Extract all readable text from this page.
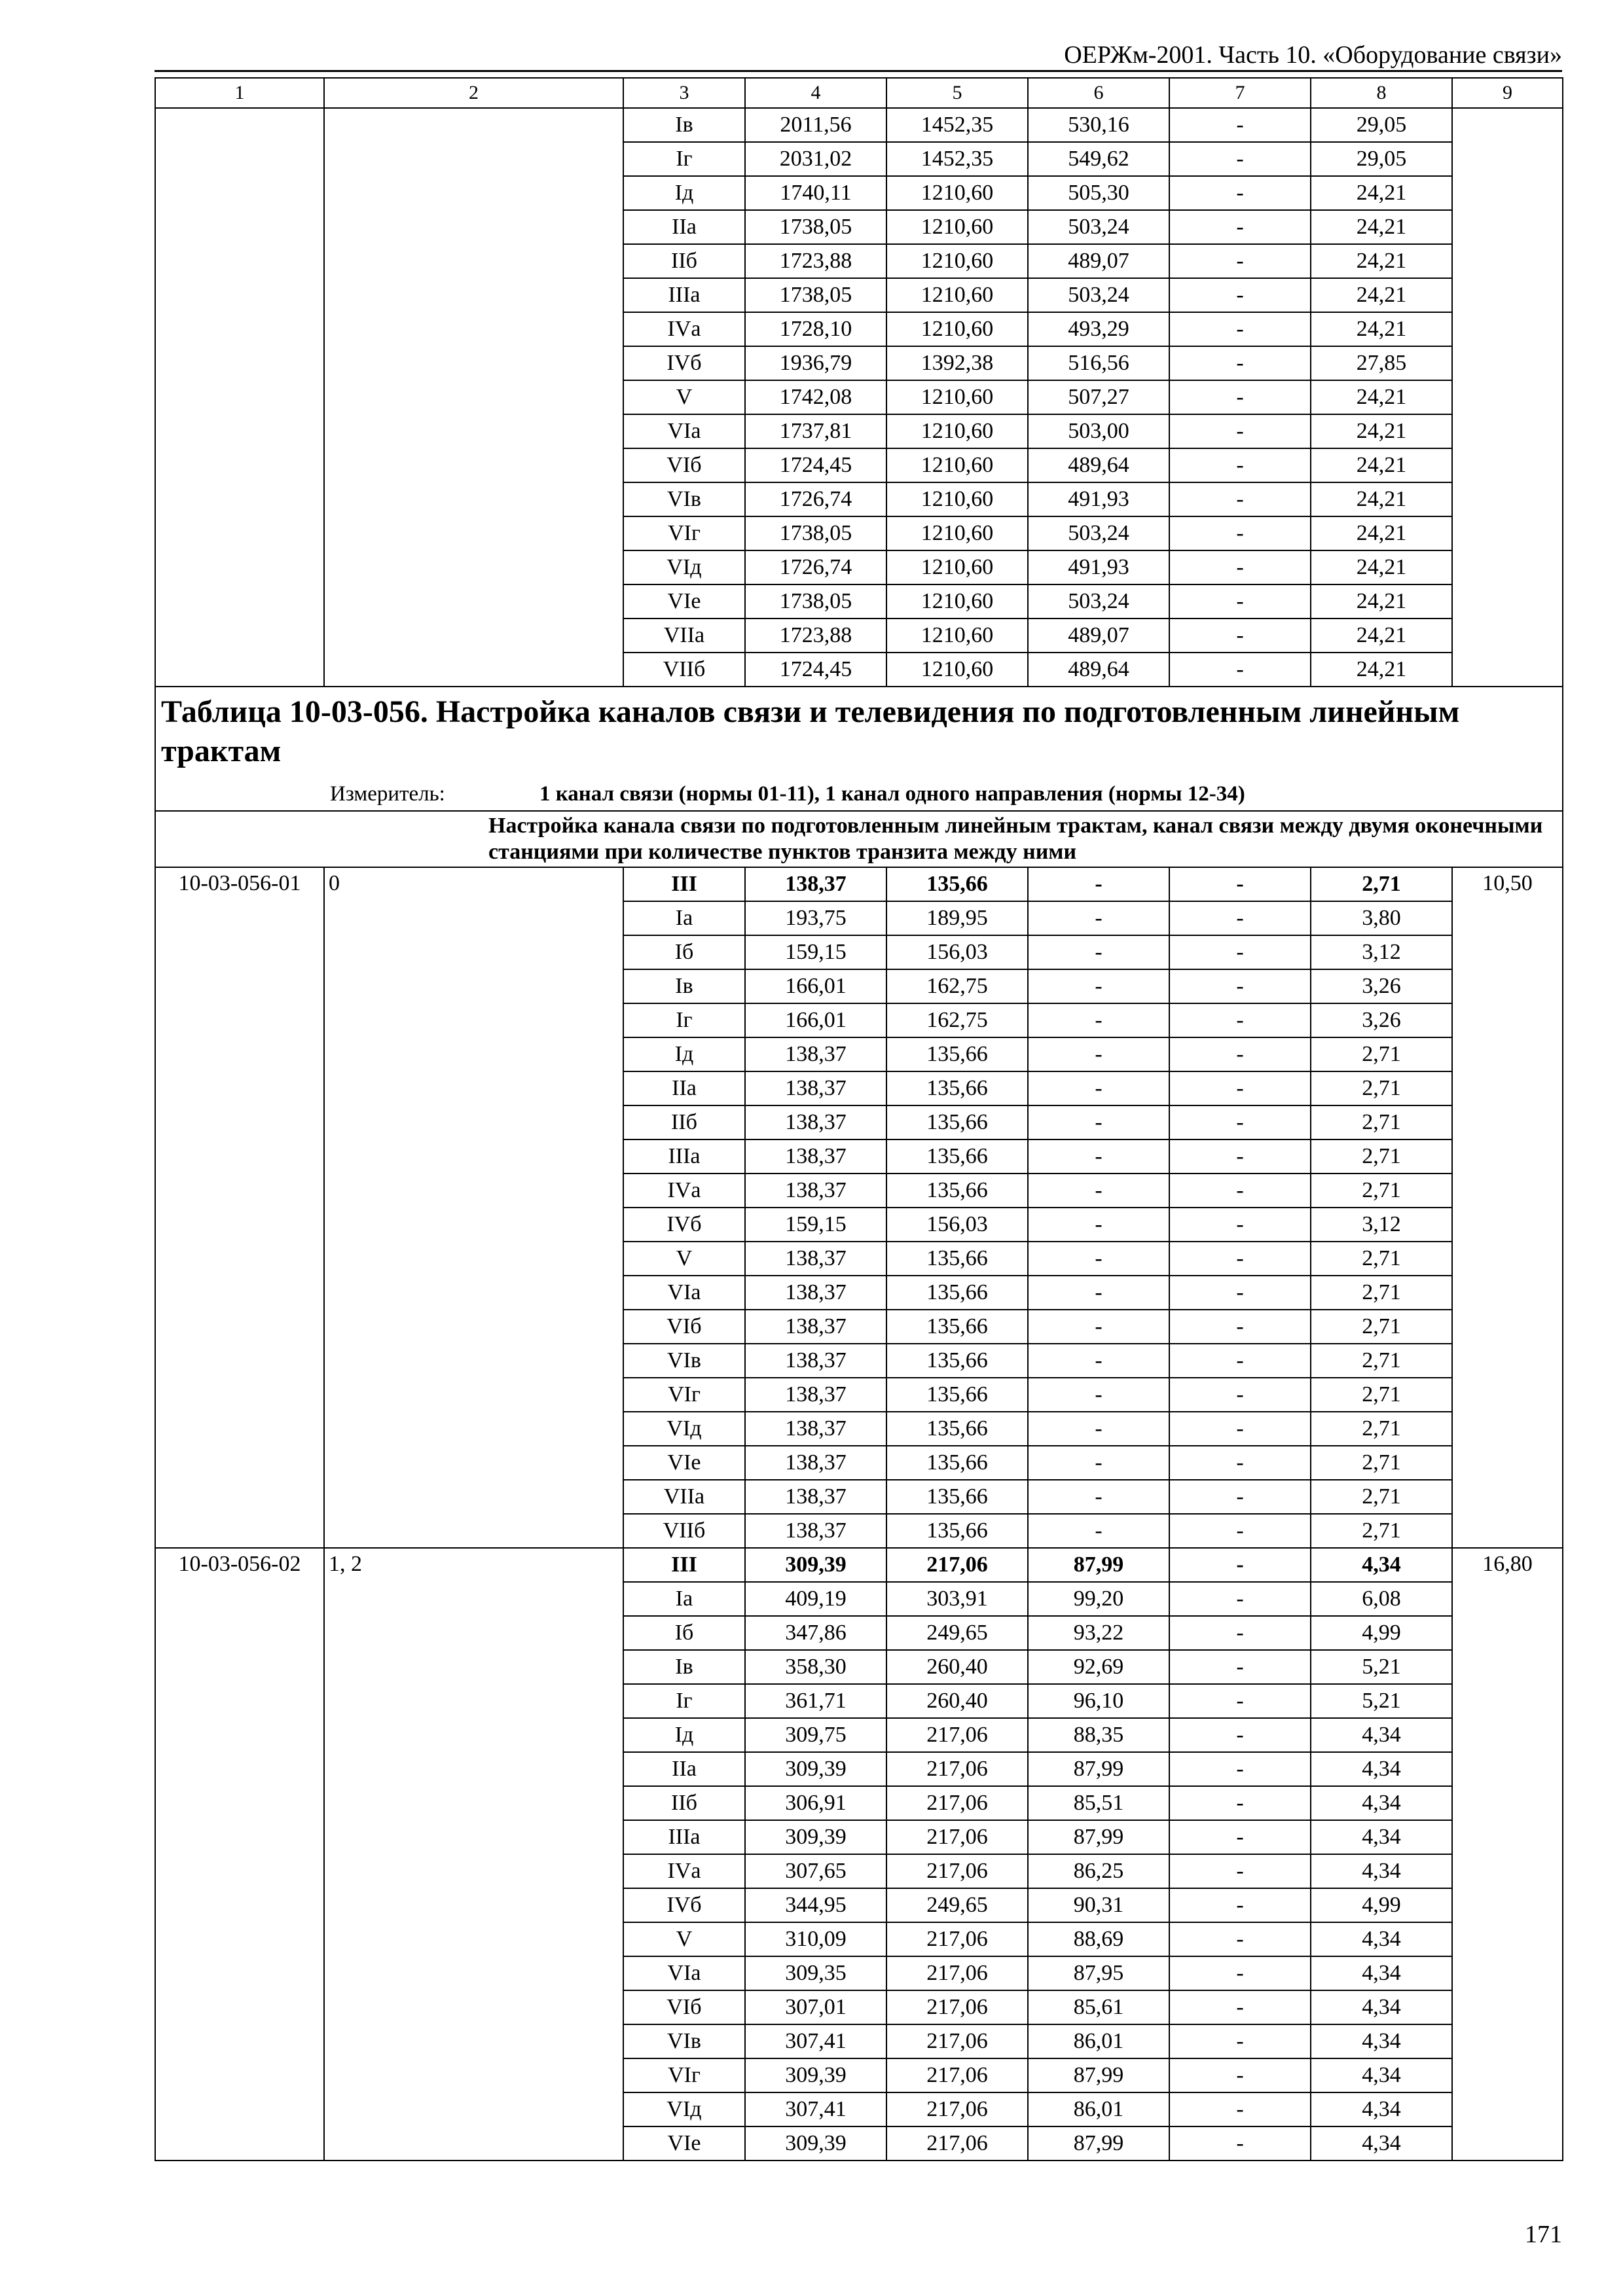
ОЕРЖм-2001. Часть 10. «Оборудование связи»
1	2	3	4	5	6	7	8	9
		Iв	2011,56	1452,35	530,16	-	29,05	
		Iг	2031,02	1452,35	549,62	-	29,05	
		Iд	1740,11	1210,60	505,30	-	24,21	
		IIа	1738,05	1210,60	503,24	-	24,21	
		IIб	1723,88	1210,60	489,07	-	24,21	
		IIIа	1738,05	1210,60	503,24	-	24,21	
		IVа	1728,10	1210,60	493,29	-	24,21	
		IVб	1936,79	1392,38	516,56	-	27,85	
		V	1742,08	1210,60	507,27	-	24,21	
		VIа	1737,81	1210,60	503,00	-	24,21	
		VIб	1724,45	1210,60	489,64	-	24,21	
		VIв	1726,74	1210,60	491,93	-	24,21	
		VIг	1738,05	1210,60	503,24	-	24,21	
		VIд	1726,74	1210,60	491,93	-	24,21	
		VIе	1738,05	1210,60	503,24	-	24,21	
		VIIа	1723,88	1210,60	489,07	-	24,21	
		VIIб	1724,45	1210,60	489,64	-	24,21	

Таблица 10-03-056. Настройка каналов связи и телевидения по подготовленным линейным трактам
Измеритель: 1 канал связи (нормы 01-11), 1 канал одного направления (нормы 12-34)								

Настройка канала связи по подготовленным линейным трактам, канал связи между двумя оконечными станциями при количестве пунктов транзита между ними								
10-03-056-01	0	III	138,37	135,66	-	-	2,71	10,50
		Iа	193,75	189,95	-	-	3,80	
		Iб	159,15	156,03	-	-	3,12	
		Iв	166,01	162,75	-	-	3,26	
		Iг	166,01	162,75	-	-	3,26	
		Iд	138,37	135,66	-	-	2,71	
		IIа	138,37	135,66	-	-	2,71	
		IIб	138,37	135,66	-	-	2,71	
		IIIа	138,37	135,66	-	-	2,71	
		IVа	138,37	135,66	-	-	2,71	
		IVб	159,15	156,03	-	-	3,12	
		V	138,37	135,66	-	-	2,71	
		VIа	138,37	135,66	-	-	2,71	
		VIб	138,37	135,66	-	-	2,71	
		VIв	138,37	135,66	-	-	2,71	
		VIг	138,37	135,66	-	-	2,71	
		VIд	138,37	135,66	-	-	2,71	
		VIе	138,37	135,66	-	-	2,71	
		VIIа	138,37	135,66	-	-	2,71	
		VIIб	138,37	135,66	-	-	2,71	
10-03-056-02	1, 2	III	309,39	217,06	87,99	-	4,34	16,80
		Iа	409,19	303,91	99,20	-	6,08	
		Iб	347,86	249,65	93,22	-	4,99	
		Iв	358,30	260,40	92,69	-	5,21	
		Iг	361,71	260,40	96,10	-	5,21	
		Iд	309,75	217,06	88,35	-	4,34	
		IIа	309,39	217,06	87,99	-	4,34	
		IIб	306,91	217,06	85,51	-	4,34	
		IIIа	309,39	217,06	87,99	-	4,34	
		IVа	307,65	217,06	86,25	-	4,34	
		IVб	344,95	249,65	90,31	-	4,99	
		V	310,09	217,06	88,69	-	4,34	
		VIа	309,35	217,06	87,95	-	4,34	
		VIб	307,01	217,06	85,61	-	4,34	
		VIв	307,41	217,06	86,01	-	4,34	
		VIг	309,39	217,06	87,99	-	4,34	
		VIд	307,41	217,06	86,01	-	4,34	
		VIе	309,39	217,06	87,99	-	4,34	
171
